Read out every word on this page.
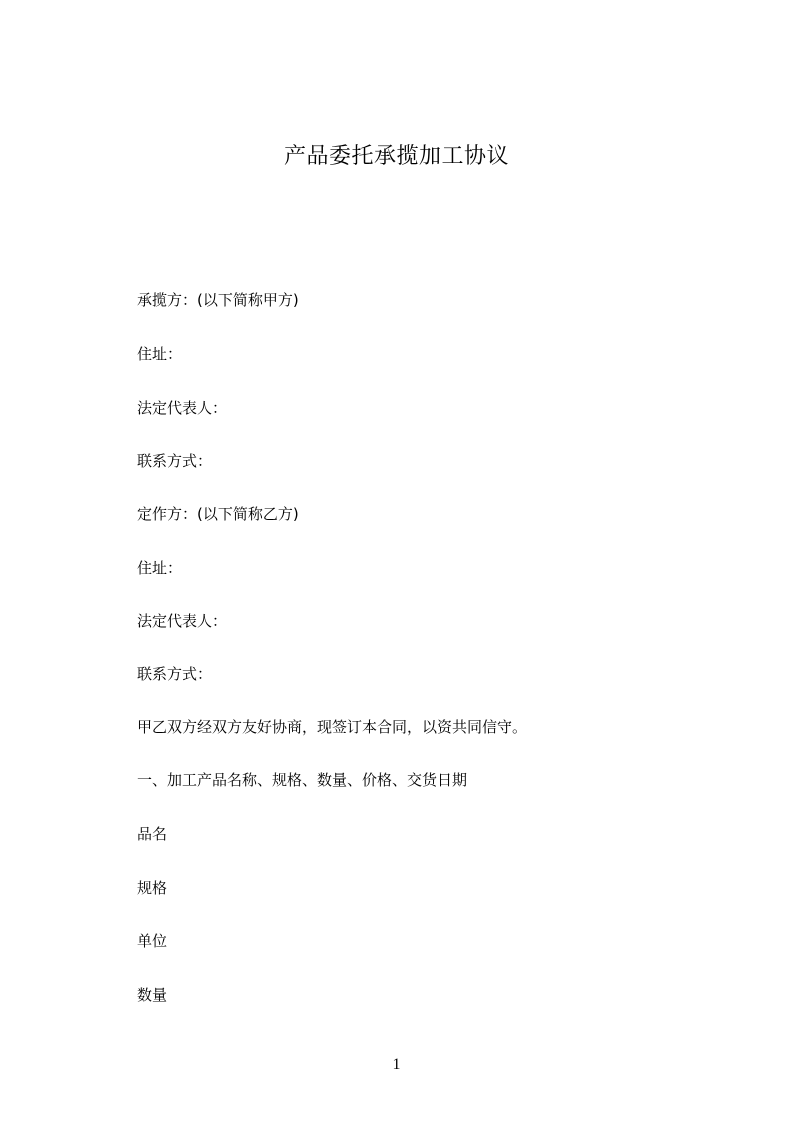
产品委托承揽加工协议
承揽方：(以下简称甲方)
住址：
法定代表人：
联系方式：
定作方：(以下简称乙方)
住址：
法定代表人：
联系方式：
甲乙双方经双方友好协商，现签订本合同，以资共同信守。
一、加工产品名称、规格、数量、价格、交货日期
品名
规格
单位
数量
1
